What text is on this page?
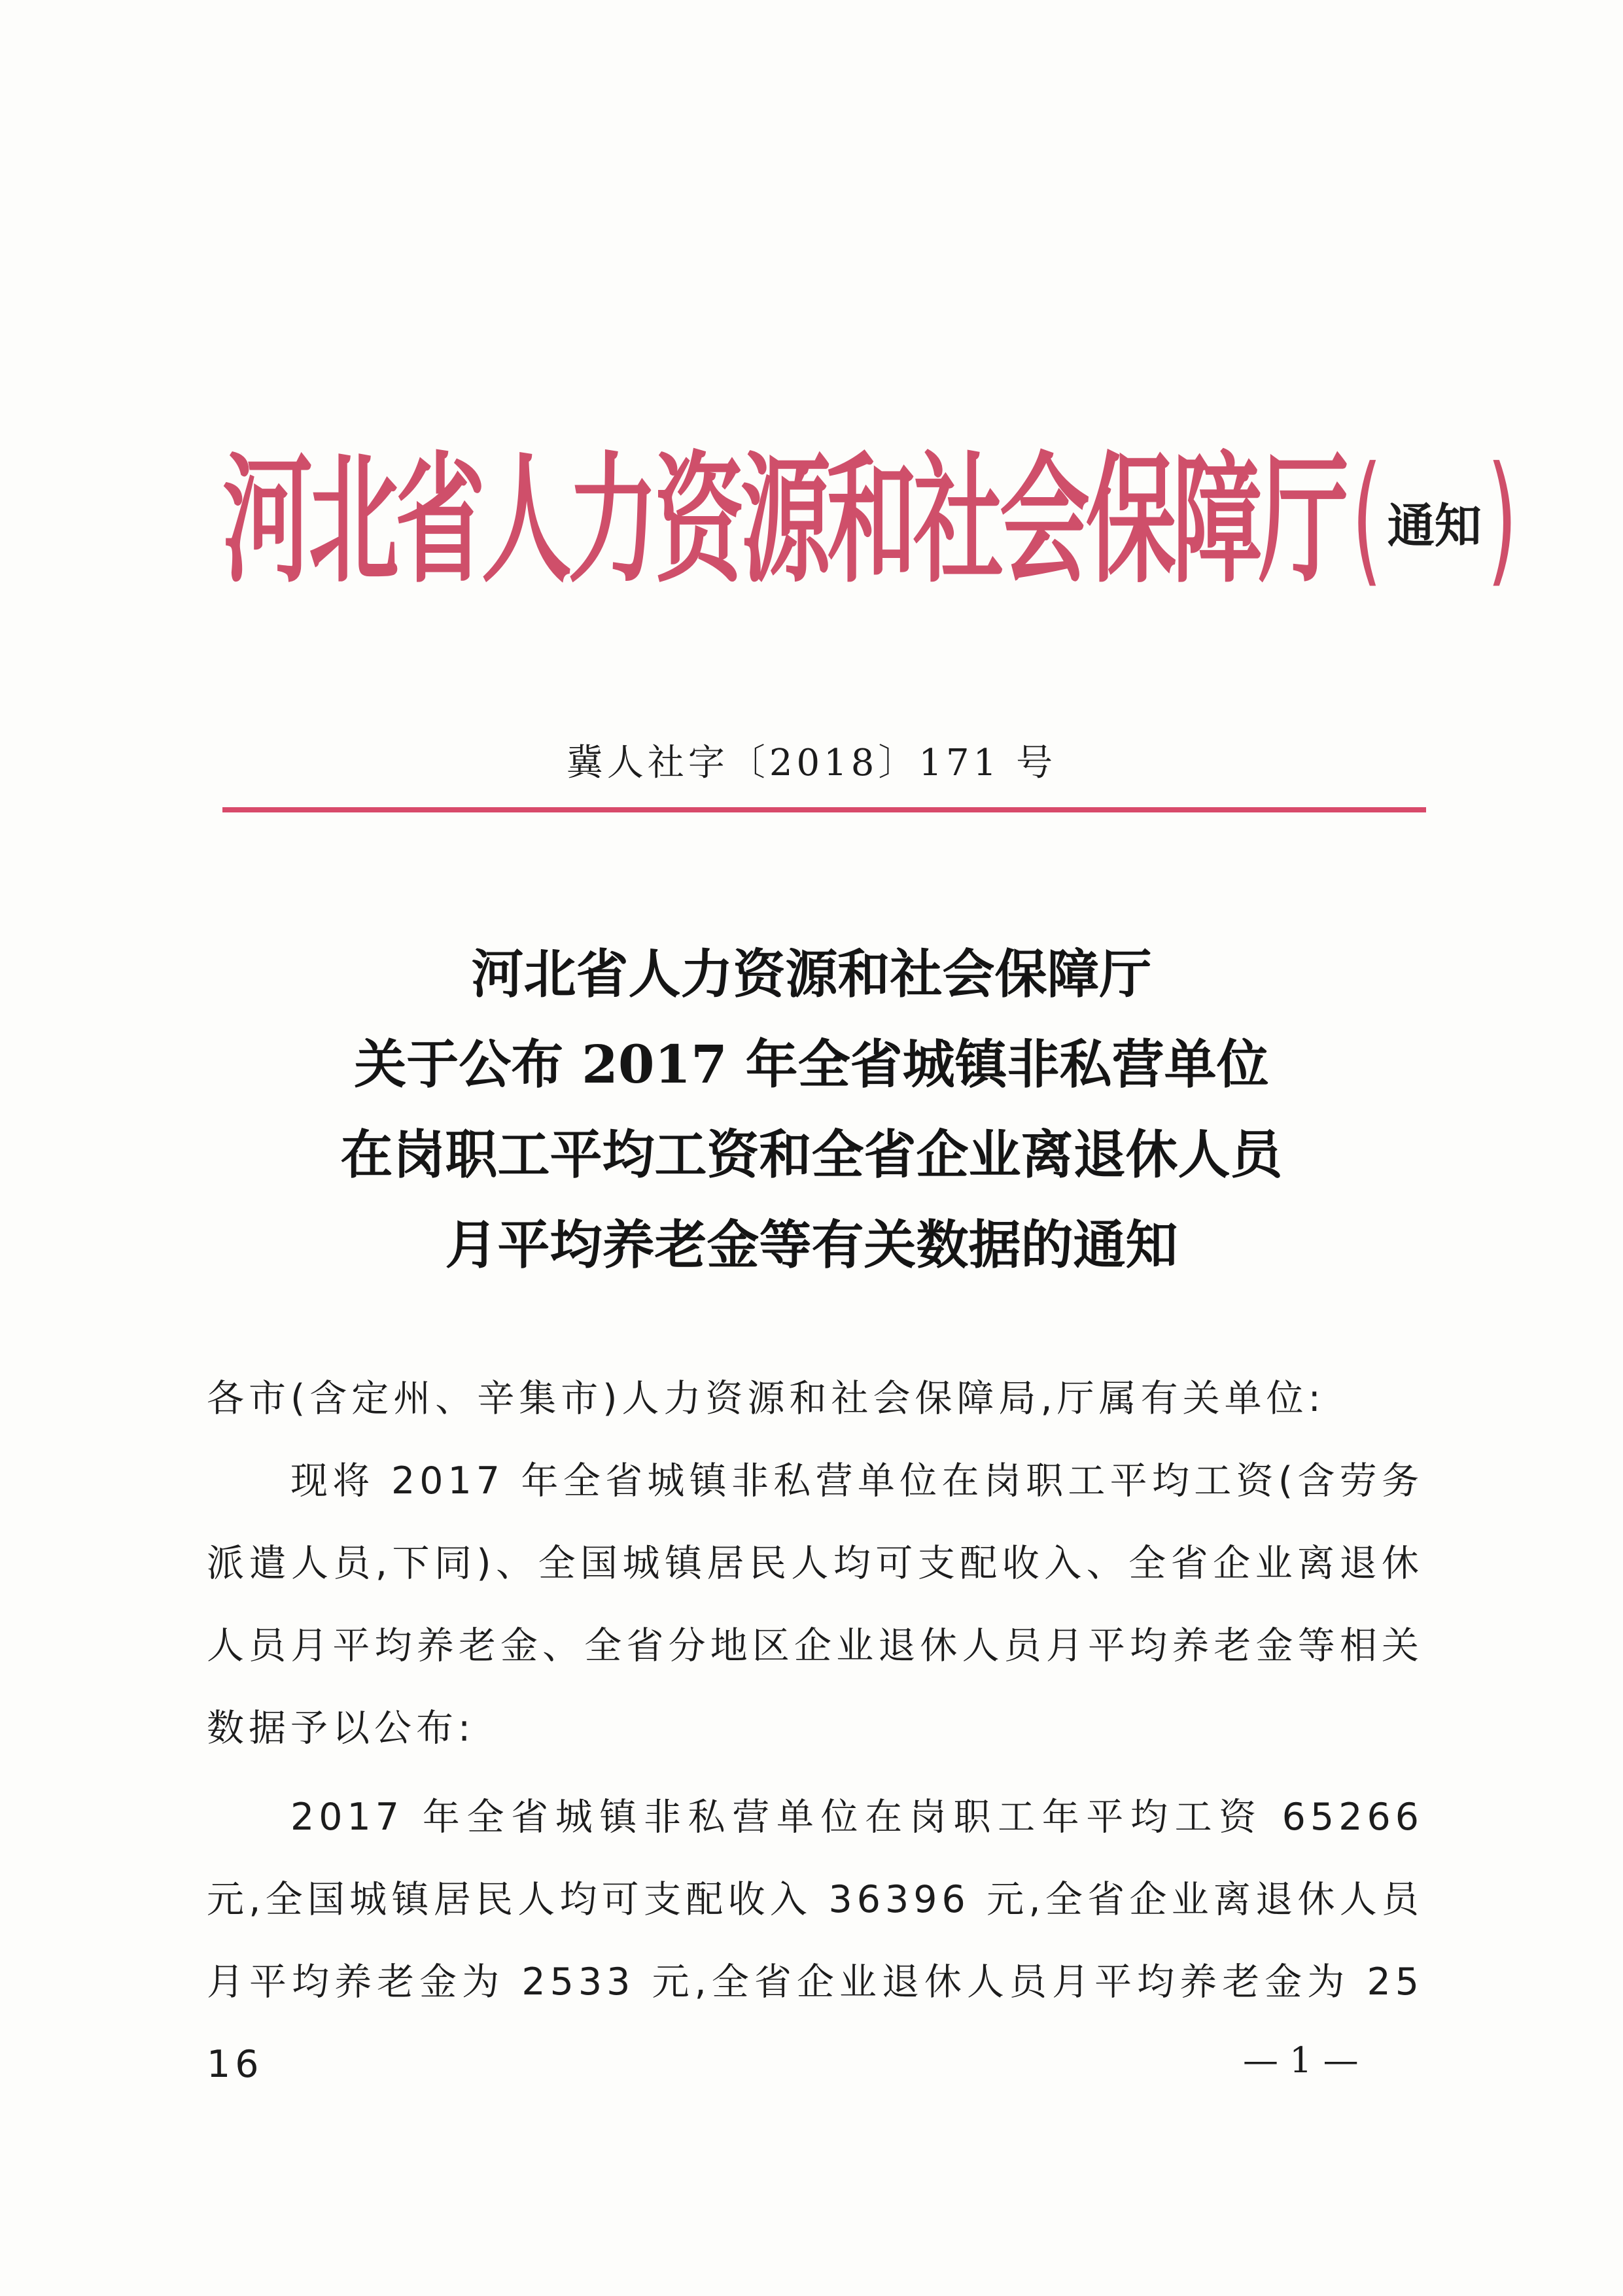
河北省人力资源和社会保障厅 ( 通知 )
冀人社字〔2018〕171 号
河北省人力资源和社会保障厅
关于公布 2017 年全省城镇非私营单位
在岗职工平均工资和全省企业离退休人员
月平均养老金等有关数据的通知
各市(含定州、辛集市)人力资源和社会保障局,厅属有关单位:
现将 2017 年全省城镇非私营单位在岗职工平均工资(含劳务派遣人员,下同)、全国城镇居民人均可支配收入、全省企业离退休人员月平均养老金、全省分地区企业退休人员月平均养老金等相关数据予以公布:
2017 年全省城镇非私营单位在岗职工年平均工资 65266 元,全国城镇居民人均可支配收入 36396 元,全省企业离退休人员月平均养老金为 2533 元,全省企业退休人员月平均养老金为 2516	— 1 —
